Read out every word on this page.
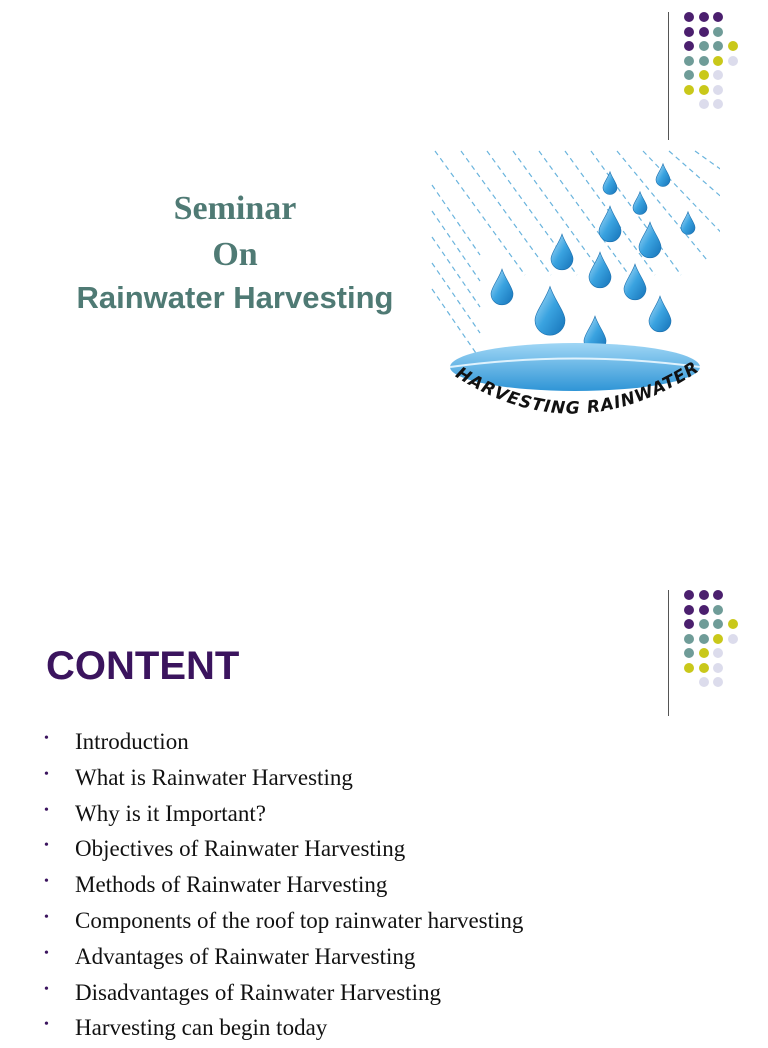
Seminar
On
Rainwater Harvesting
HARVESTING RAINWATER
CONTENT
• Introduction
• What is Rainwater Harvesting
• Why is it Important?
• Objectives of Rainwater Harvesting
• Methods of Rainwater Harvesting
• Components of the roof top rainwater harvesting
• Advantages of Rainwater Harvesting
• Disadvantages of Rainwater Harvesting
• Harvesting can begin today
